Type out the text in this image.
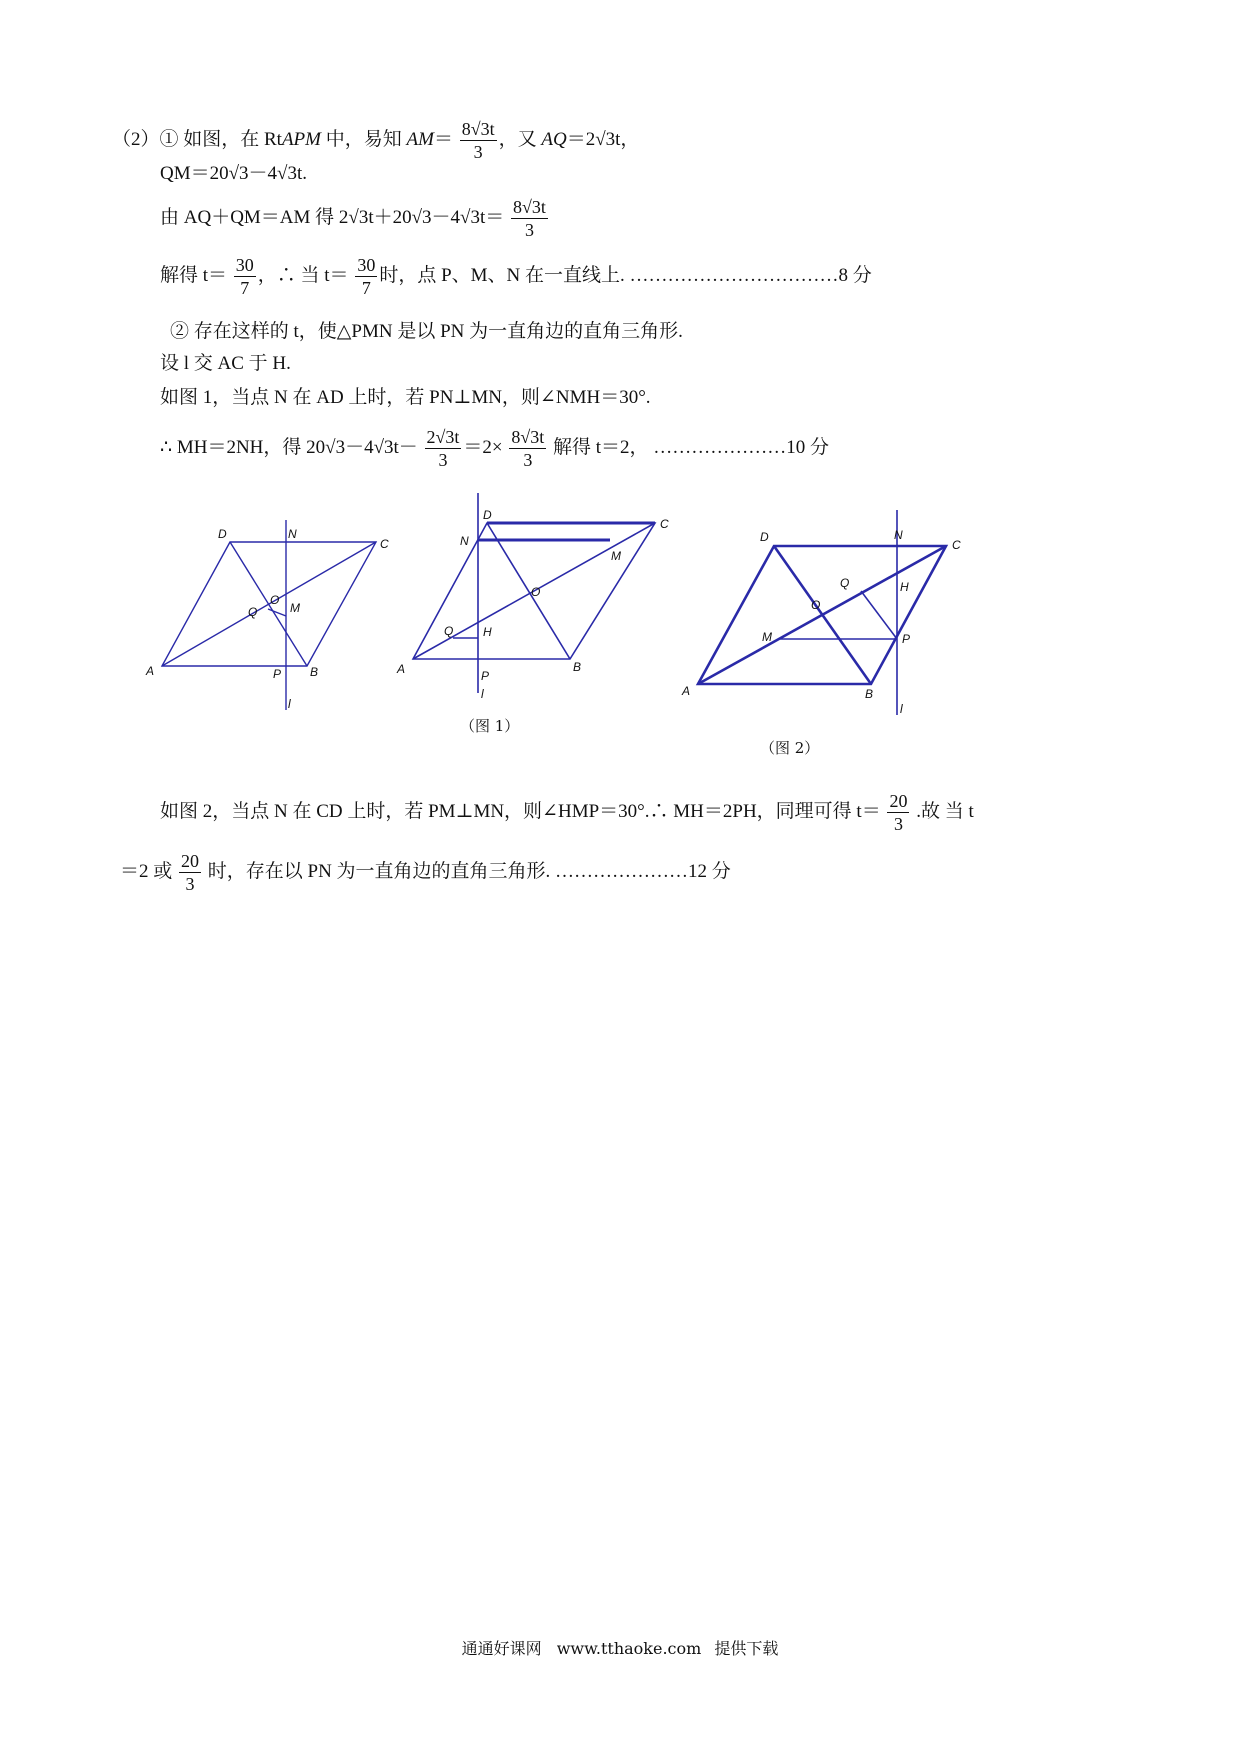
（2）① 如图，在 RtAPM 中，易知 $AM= \frac{8√3t}{3}$ ，又 AQ＝2√3t，
QM＝20√3－4√3t.
由 AQ＋QM＝AM 得 $2√3t+20√3-4√3t= \frac{8√3t}{3}$
解得 $t= \frac{30}{7}$ ，∴ 当 $t= \frac{30}{7}$ 时，点 P、M、N 在一直线上. ……………………………8 分
② 存在这样的 t，使△PMN 是以 PN 为一直角边的直角三角形.
设 l 交 AC 于 H.
如图 1，当点 N 在 AD 上时，若 PN⊥MN，则∠NMH＝30°.
∴ MH＝2NH，得 $20√3-4√3t- \frac{2√3t}{3} =2\times \frac{8√3t}{3}$ 解得 t＝2， …………………10 分
A
D	N
C
O
Q	M
P B
l
A
D
N
C
O
M
Q H
P
B
l
（图 1）
A
D	N
C
Q	H
O
M	P
B
l
（图 2）
如图 2，当点 N 在 CD 上时，若 PM⊥MN，则∠HMP＝30°.∴ MH＝2PH，同理可得 $t= \frac{20}{3}$ .故 当 t
＝2 或 $\frac{20}{3}$ 时，存在以 PN 为一直角边的直角三角形. …………………12 分
通通好课网 www.tthaoke.com 提供下载
